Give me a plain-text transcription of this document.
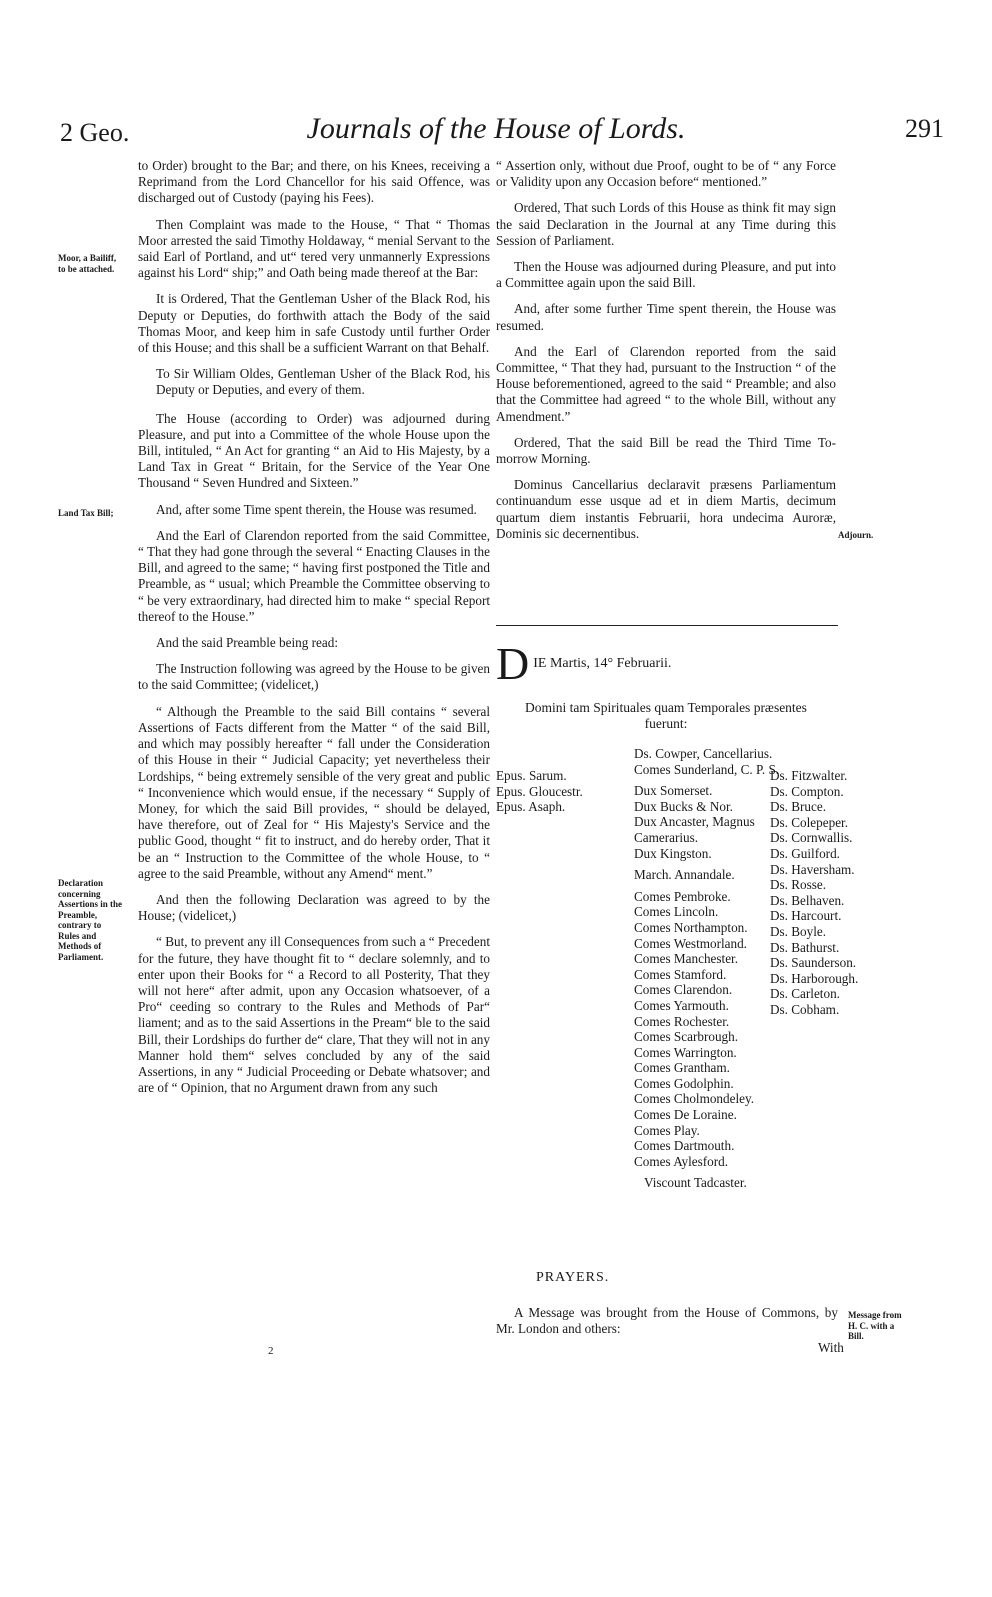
2 Geo.	Journals of the House of Lords.	291
Moor, a Bailiff, to be attached.
Land Tax Bill;
Declaration concerning Assertions in the Preamble, contrary to Rules and Methods of Parliament.
Adjourn.
Message from H. C. with a Bill.

to Order) brought to the Bar; and there, on his Knees, receiving a Reprimand from the Lord Chancellor for his said Offence, was discharged out of Custody (paying his Fees).

Then Complaint was made to the House, “ That “ Thomas Moor arrested the said Timothy Holdaway, “ menial Servant to the said Earl of Portland, and ut“ tered very unmannerly Expressions against his Lord“ ship;” and Oath being made thereof at the Bar:

It is Ordered, That the Gentleman Usher of the Black Rod, his Deputy or Deputies, do forthwith attach the Body of the said Thomas Moor, and keep him in safe Custody until further Order of this House; and this shall be a sufficient Warrant on that Behalf.

To Sir William Oldes, Gentleman Usher of the Black Rod, his Deputy or Deputies, and every of them.

The House (according to Order) was adjourned during Pleasure, and put into a Committee of the whole House upon the Bill, intituled, “ An Act for granting “ an Aid to His Majesty, by a Land Tax in Great “ Britain, for the Service of the Year One Thousand “ Seven Hundred and Sixteen.”

And, after some Time spent therein, the House was resumed.

And the Earl of Clarendon reported from the said Committee, “ That they had gone through the several “ Enacting Clauses in the Bill, and agreed to the same; “ having first postponed the Title and Preamble, as “ usual; which Preamble the Committee observing to “ be very extraordinary, had directed him to make “ special Report thereof to the House.”

And the said Preamble being read:

The Instruction following was agreed by the House to be given to the said Committee; (videlicet,)

“ Although the Preamble to the said Bill contains “ several Assertions of Facts different from the Matter “ of the said Bill, and which may possibly hereafter “ fall under the Consideration of this House in their “ Judicial Capacity; yet nevertheless their Lordships, “ being extremely sensible of the very great and public “ Inconvenience which would ensue, if the necessary “ Supply of Money, for which the said Bill provides, “ should be delayed, have therefore, out of Zeal for “ His Majesty's Service and the public Good, thought “ fit to instruct, and do hereby order, That it be an “ Instruction to the Committee of the whole House, to “ agree to the said Preamble, without any Amend“ ment.”

And then the following Declaration was agreed to by the House; (videlicet,)

“ But, to prevent any ill Consequences from such a “ Precedent for the future, they have thought fit to “ declare solemnly, and to enter upon their Books for “ a Record to all Posterity, That they will not here“ after admit, upon any Occasion whatsoever, of a Pro“ ceeding so contrary to the Rules and Methods of Par“ liament; and as to the said Assertions in the Pream“ ble to the said Bill, their Lordships do further de“ clare, That they will not in any Manner hold them“ selves concluded by any of the said Assertions, in any “ Judicial Proceeding or Debate whatsover; and are of “ Opinion, that no Argument drawn from any such

2

“ Assertion only, without due Proof, ought to be of “ any Force or Validity upon any Occasion before“ mentioned.”

Ordered, That such Lords of this House as think fit may sign the said Declaration in the Journal at any Time during this Session of Parliament.

Then the House was adjourned during Pleasure, and put into a Committee again upon the said Bill.

And, after some further Time spent therein, the House was resumed.

And the Earl of Clarendon reported from the said Committee, “ That they had, pursuant to the Instruction “ of the House beforementioned, agreed to the said “ Preamble; and also that the Committee had agreed “ to the whole Bill, without any Amendment.”

Ordered, That the said Bill be read the Third Time To-morrow Morning.

Dominus Cancellarius declaravit præsens Parliamentum continuandum esse usque ad et in diem Martis, decimum quartum diem instantis Februarii, hora undecima Auroræ, Dominis sic decernentibus.

D IE Martis, 14° Februarii.
Domini tam Spirituales quam Temporales præsentes fuerunt:
Epus. Sarum.
Epus. Gloucestr.
Epus. Asaph.
Ds. Cowper, Cancellarius.
Comes Sunderland, C. P. S.
Dux Somerset.
Dux Bucks & Nor.
Dux Ancaster, Magnus Camerarius.
Dux Kingston.
March. Annandale.
Comes Pembroke.
Comes Lincoln.
Comes Northampton.
Comes Westmorland.
Comes Manchester.
Comes Stamford.
Comes Clarendon.
Comes Yarmouth.
Comes Rochester.
Comes Scarbrough.
Comes Warrington.
Comes Grantham.
Comes Godolphin.
Comes Cholmondeley.
Comes De Loraine.
Comes Play.
Comes Dartmouth.
Comes Aylesford.
Viscount Tadcaster.
Ds. Fitzwalter.
Ds. Compton.
Ds. Bruce.
Ds. Colepeper.
Ds. Cornwallis.
Ds. Guilford.
Ds. Haversham.
Ds. Rosse.
Ds. Belhaven.
Ds. Harcourt.
Ds. Boyle.
Ds. Bathurst.
Ds. Saunderson.
Ds. Harborough.
Ds. Carleton.
Ds. Cobham.
PRAYERS.
A Message was brought from the House of Commons, by Mr. London and others:
With
